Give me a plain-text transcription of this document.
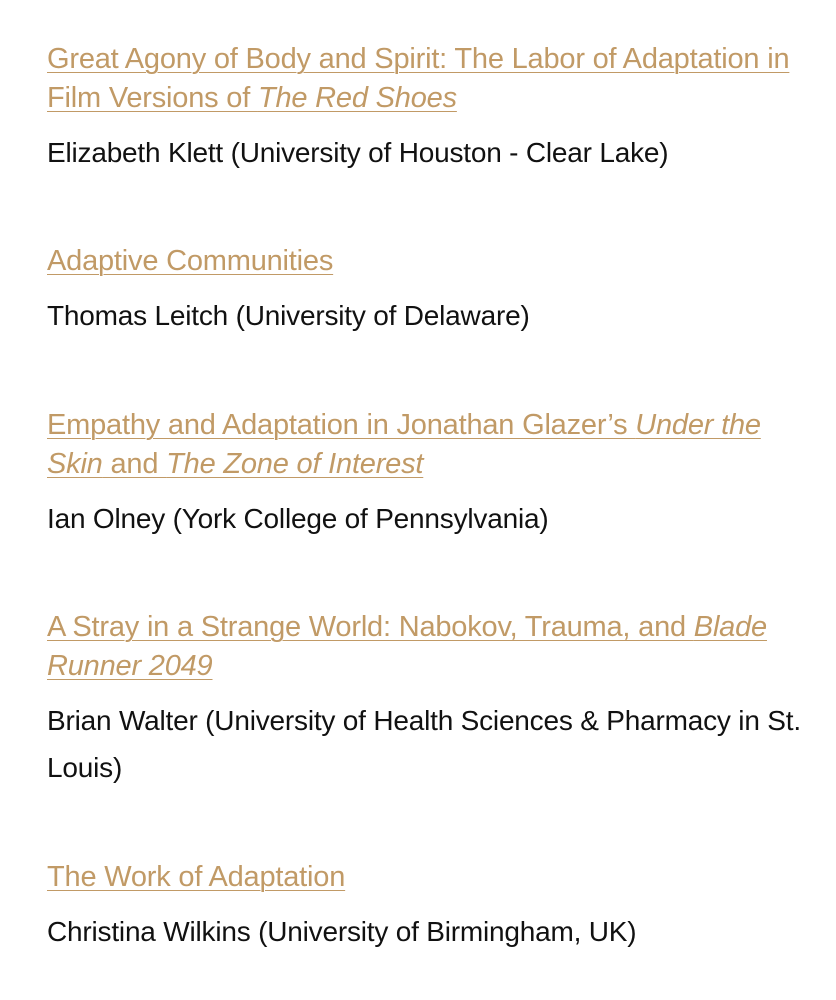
Great Agony of Body and Spirit: The Labor of Adaptation in Film Versions of The Red Shoes

Elizabeth Klett (University of Houston - Clear Lake)

Adaptive Communities

Thomas Leitch (University of Delaware)

Empathy and Adaptation in Jonathan Glazer’s Under the Skin and The Zone of Interest

Ian Olney (York College of Pennsylvania)

A Stray in a Strange World: Nabokov, Trauma, and Blade Runner 2049

Brian Walter (University of Health Sciences & Pharmacy in St. Louis)

The Work of Adaptation

Christina Wilkins (University of Birmingham, UK)
